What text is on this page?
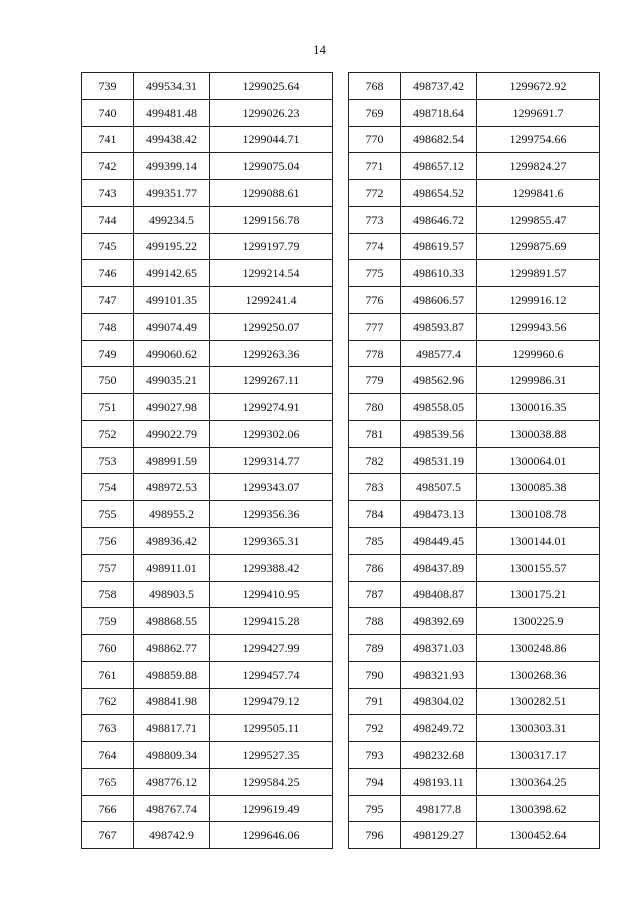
14
739	499534.31	1299025.64
740	499481.48	1299026.23
741	499438.42	1299044.71
742	499399.14	1299075.04
743	499351.77	1299088.61
744	499234.5	1299156.78
745	499195.22	1299197.79
746	499142.65	1299214.54
747	499101.35	1299241.4
748	499074.49	1299250.07
749	499060.62	1299263.36
750	499035.21	1299267.11
751	499027.98	1299274.91
752	499022.79	1299302.06
753	498991.59	1299314.77
754	498972.53	1299343.07
755	498955.2	1299356.36
756	498936.42	1299365.31
757	498911.01	1299388.42
758	498903.5	1299410.95
759	498868.55	1299415.28
760	498862.77	1299427.99
761	498859.88	1299457.74
762	498841.98	1299479.12
763	498817.71	1299505.11
764	498809.34	1299527.35
765	498776.12	1299584.25
766	498767.74	1299619.49
767	498742.9	1299646.06
768	498737.42	1299672.92
769	498718.64	1299691.7
770	498682.54	1299754.66
771	498657.12	1299824.27
772	498654.52	1299841.6
773	498646.72	1299855.47
774	498619.57	1299875.69
775	498610.33	1299891.57
776	498606.57	1299916.12
777	498593.87	1299943.56
778	498577.4	1299960.6
779	498562.96	1299986.31
780	498558.05	1300016.35
781	498539.56	1300038.88
782	498531.19	1300064.01
783	498507.5	1300085.38
784	498473.13	1300108.78
785	498449.45	1300144.01
786	498437.89	1300155.57
787	498408.87	1300175.21
788	498392.69	1300225.9
789	498371.03	1300248.86
790	498321.93	1300268.36
791	498304.02	1300282.51
792	498249.72	1300303.31
793	498232.68	1300317.17
794	498193.11	1300364.25
795	498177.8	1300398.62
796	498129.27	1300452.64
